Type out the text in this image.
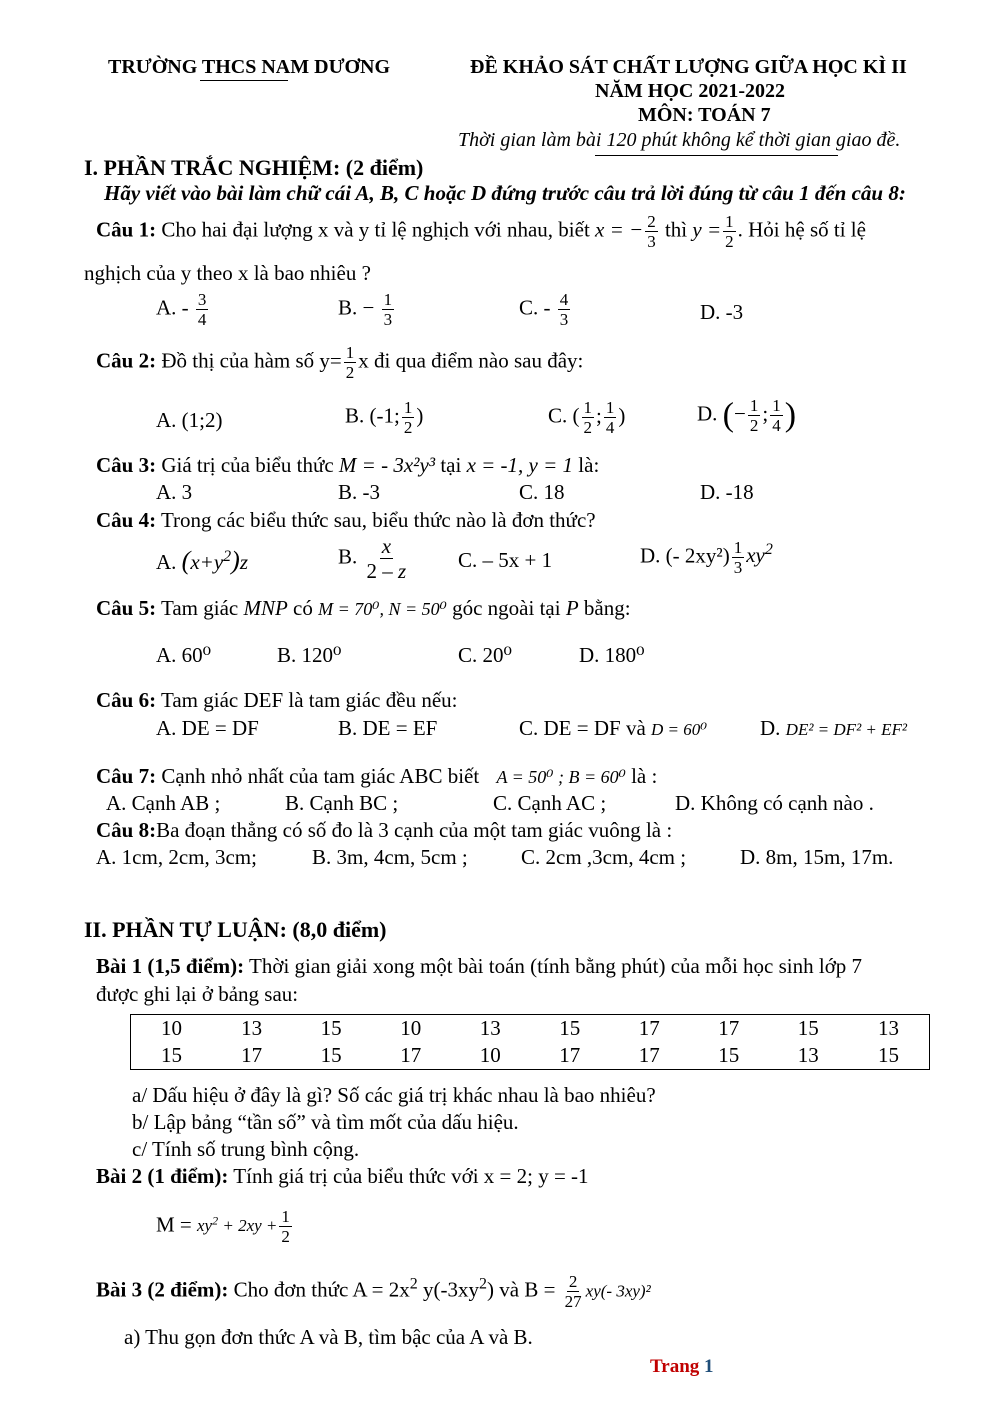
TRƯỜNG THCS NAM DƯƠNG	ĐỀ KHẢO SÁT CHẤT LƯỢNG GIỮA HỌC KÌ II
NĂM HỌC 2021-2022
MÔN: TOÁN 7
Thời gian làm bài 120 phút không kể thời gian giao đề.
I. PHẦN TRẮC NGHIỆM: (2 điểm)
Hãy viết vào bài làm chữ cái A, B, C hoặc D đứng trước câu trả lời đúng từ câu 1 đến câu 8:
Câu 1: Cho hai đại lượng x và y tỉ lệ nghịch với nhau, biết x = − $\frac{2}{3}$ thì $y = \frac{1}{2}$ . Hỏi hệ số tỉ lệ
nghịch của y theo x là bao nhiêu ?
A. - $\frac{3}{4}$	B. − $\frac{1}{3}$	C. - $\frac{4}{3}$	D. -3
Câu 2: Đồ thị của hàm số $y= \frac{1}{2}$ x đi qua điểm nào sau đây:
A. (1;2)	B. (-1; $\frac{1}{2}$ )	C. ( $\frac{1}{2}$ ; $\frac{1}{4}$ )	D. (− $\frac{1}{2}$ ; $\frac{1}{4}$ )
Câu 3: Giá trị của biểu thức M = - 3x²y³ tại x = -1, y = 1 là:
A. 3	B. -3	C. 18	D. -18
Câu 4: Trong các biểu thức sau, biểu thức nào là đơn thức?
A. $(x+y^2)z$	B. $\frac{x}{2 - z} C$. – 5x + 1	D. (- $2xy^2) \frac{1}{3} xy^2$
Câu 5: Tam giác MNP có M = 70⁰, N = 50⁰ góc ngoài tại P bằng:
A. 60⁰	B. 120⁰	C. 20⁰	D. 180⁰
Câu 6: Tam giác DEF là tam giác đều nếu:
A. DE = DF	B. DE = EF	C. DE = DF và D = 60⁰	D. DE² = DF² + EF²
Câu 7: Cạnh nhỏ nhất của tam giác ABC biết A = 50⁰ ; B = 60⁰ là :
A. Cạnh AB ;	B. Cạnh BC ;	C. Cạnh AC ;	D. Không có cạnh nào .
Câu 8:Ba đoạn thẳng có số đo là 3 cạnh của một tam giác vuông là :
A. 1cm, 2cm, 3cm;	B. 3m, 4cm, 5cm ;	C. 2cm ,3cm, 4cm ;	D. 8m, 15m, 17m.
II. PHẦN TỰ LUẬN: (8,0 điểm)
Bài 1 (1,5 điểm): Thời gian giải xong một bài toán (tính bằng phút) của mỗi học sinh lớp 7
được ghi lại ở bảng sau:
10	13	15	10	13	15	17	17	15	13
15	17	15	17	10	17	17	15	13	15
a/ Dấu hiệu ở đây là gì? Số các giá trị khác nhau là bao nhiêu?
b/ Lập bảng “tần số” và tìm mốt của dấu hiệu.
c/ Tính số trung bình cộng.
Bài 2 (1 điểm): Tính giá trị của biểu thức với x = 2; y = -1
$M = xy^2 + 2xy + \frac{1}{2}$
Bài 3 (2 điểm): Cho đơn thức $A = 2x^2$ $y(-3xy^2)$ và $B = \frac{2}{27} xy(-$ 3xy)²
a) Thu gọn đơn thức A và B, tìm bậc của A và B.
Trang 1
